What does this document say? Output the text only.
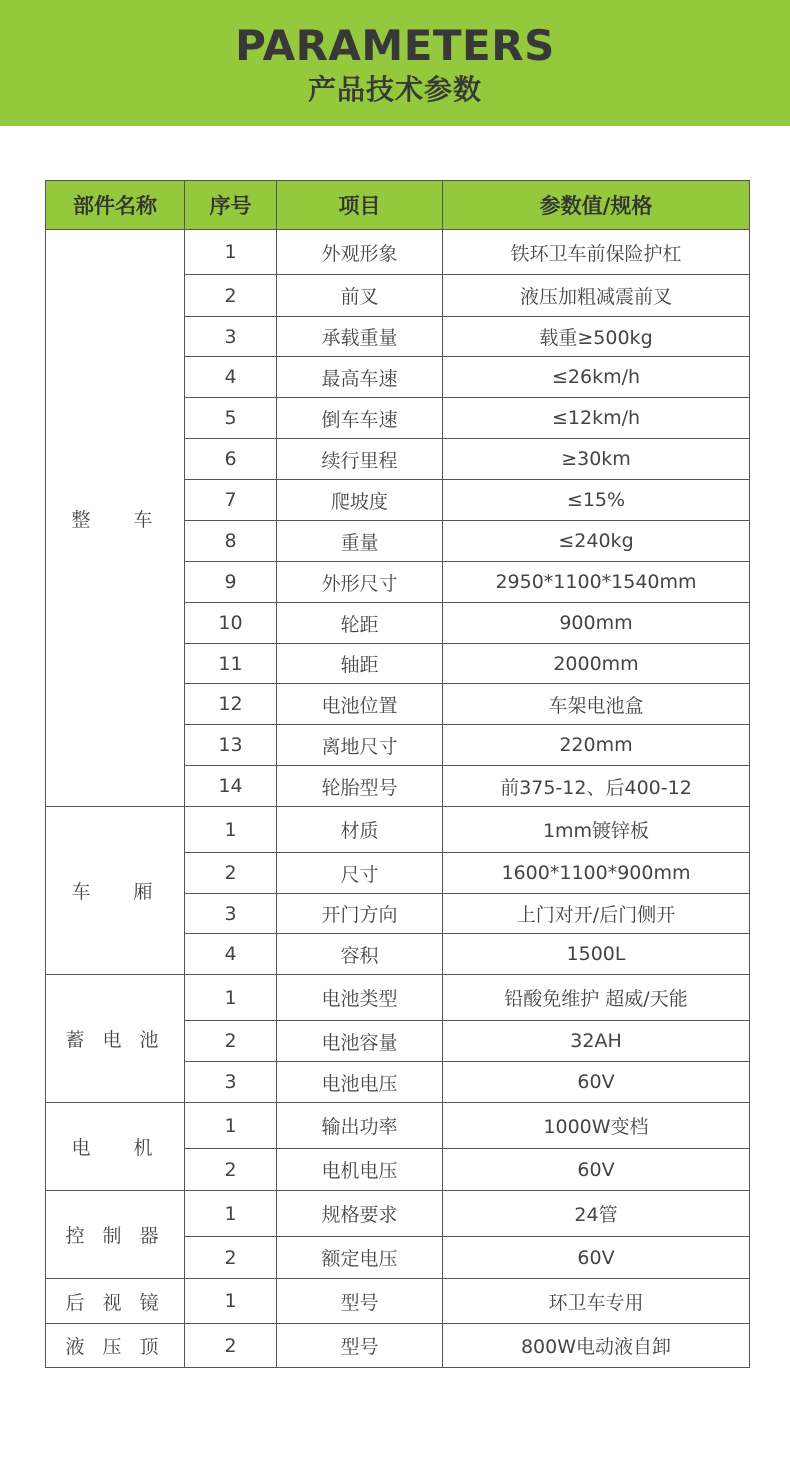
PARAMETERS
产品技术参数
部件名称	序号	项目	参数值/规格
整　 车	1	外观形象	铁环卫车前保险护杠
	2	前叉	液压加粗减震前叉
	3	承载重量	载重≥500kg
	4	最高车速	≤26km/h
	5	倒车车速	≤12km/h
	6	续行里程	≥30km
	7	爬坡度	≤15%
	8	重量	≤240kg
	9	外形尺寸	2950*1100*1540mm
	10	轮距	900mm
	11	轴距	2000mm
	12	电池位置	车架电池盒
	13	离地尺寸	220mm
	14	轮胎型号	前375-12、后400-12
车　 厢	1	材质	1mm镀锌板
	2	尺寸	1600*1100*900mm
	3	开门方向	上门对开/后门侧开
	4	容积	1500L
蓄 电 池	1	电池类型	铅酸免维护 超威/天能
	2	电池容量	32AH
	3	电池电压	60V
电　 机	1	输出功率	1000W变档
	2	电机电压	60V
控 制 器	1	规格要求	24管
	2	额定电压	60V
后 视 镜	1	型号	环卫车专用
液 压 顶	2	型号	800W电动液自卸
